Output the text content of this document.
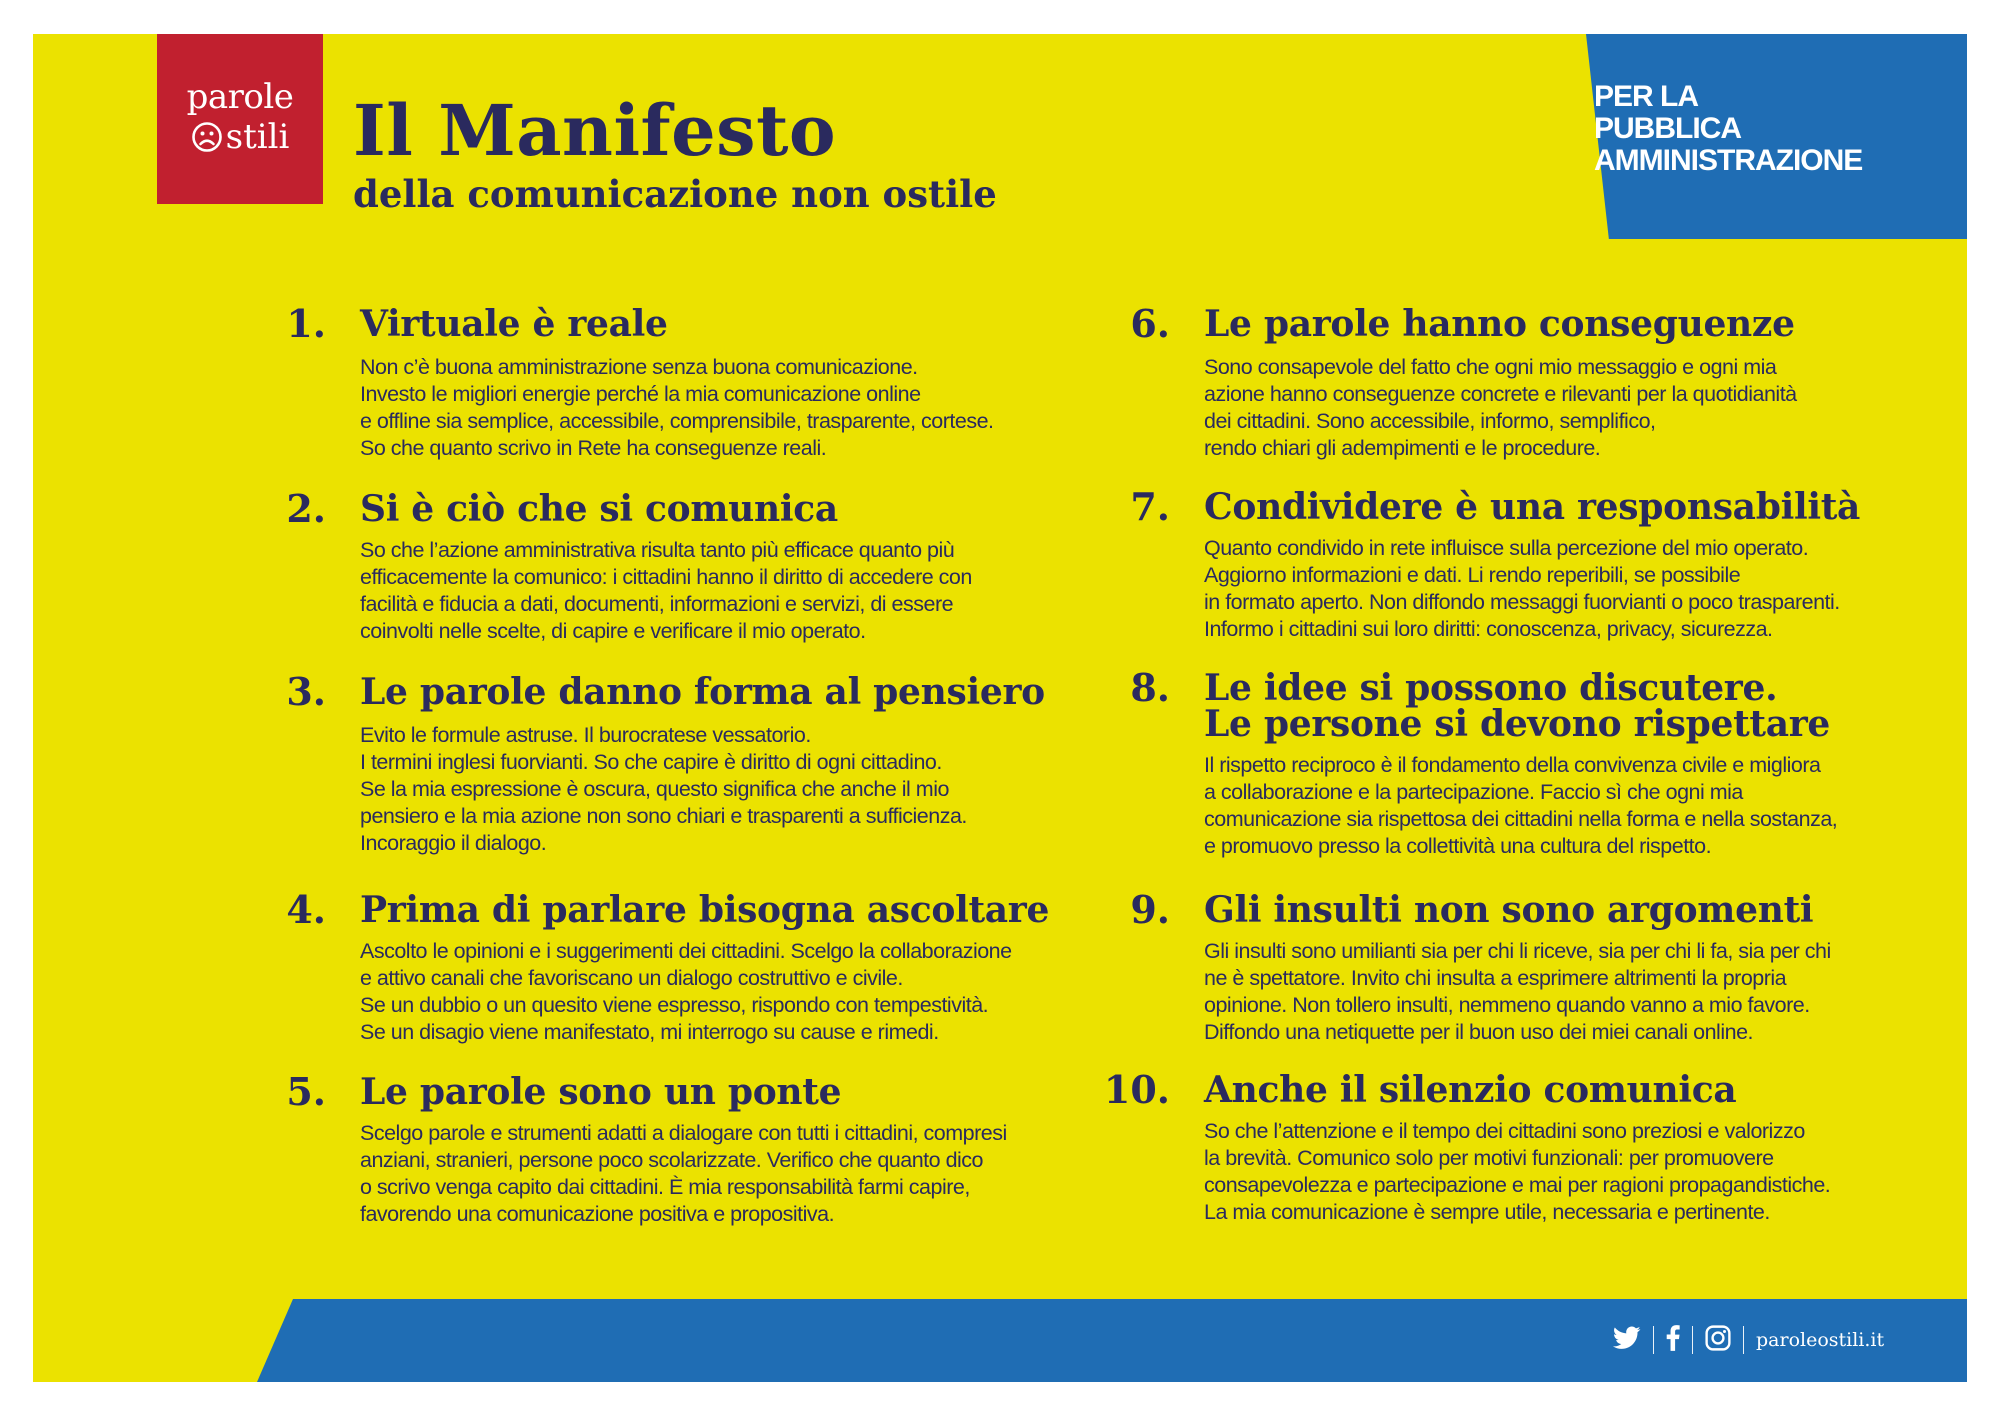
parole
stili Il Manifesto
della comunicazione non ostile
PER LA
PUBBLICA
AMMINISTRAZIONE
1. Virtuale è reale
Non c’è buona amministrazione senza buona comunicazione.
Investo le migliori energie perché la mia comunicazione online
e offline sia semplice, accessibile, comprensibile, trasparente, cortese.
So che quanto scrivo in Rete ha conseguenze reali.
2. Si è ciò che si comunica
So che l’azione amministrativa risulta tanto più efficace quanto più
efficacemente la comunico: i cittadini hanno il diritto di accedere con
facilità e fiducia a dati, documenti, informazioni e servizi, di essere
coinvolti nelle scelte, di capire e verificare il mio operato.
3. Le parole danno forma al pensiero
Evito le formule astruse. Il burocratese vessatorio.
I termini inglesi fuorvianti. So che capire è diritto di ogni cittadino.
Se la mia espressione è oscura, questo significa che anche il mio
pensiero e la mia azione non sono chiari e trasparenti a sufficienza.
Incoraggio il dialogo.
4. Prima di parlare bisogna ascoltare
Ascolto le opinioni e i suggerimenti dei cittadini. Scelgo la collaborazione
e attivo canali che favoriscano un dialogo costruttivo e civile.
Se un dubbio o un quesito viene espresso, rispondo con tempestività.
Se un disagio viene manifestato, mi interrogo su cause e rimedi.
5. Le parole sono un ponte
Scelgo parole e strumenti adatti a dialogare con tutti i cittadini, compresi
anziani, stranieri, persone poco scolarizzate. Verifico che quanto dico
o scrivo venga capito dai cittadini. È mia responsabilità farmi capire,
favorendo una comunicazione positiva e propositiva.
6. Le parole hanno conseguenze
Sono consapevole del fatto che ogni mio messaggio e ogni mia
azione hanno conseguenze concrete e rilevanti per la quotidianità
dei cittadini. Sono accessibile, informo, semplifico,
rendo chiari gli adempimenti e le procedure.
7. Condividere è una responsabilità
Quanto condivido in rete influisce sulla percezione del mio operato.
Aggiorno informazioni e dati. Li rendo reperibili, se possibile
in formato aperto. Non diffondo messaggi fuorvianti o poco trasparenti.
Informo i cittadini sui loro diritti: conoscenza, privacy, sicurezza.
8. Le idee si possono discutere.
Le persone si devono rispettare
Il rispetto reciproco è il fondamento della convivenza civile e migliora
a collaborazione e la partecipazione. Faccio sì che ogni mia
comunicazione sia rispettosa dei cittadini nella forma e nella sostanza,
e promuovo presso la collettività una cultura del rispetto.
9. Gli insulti non sono argomenti
Gli insulti sono umilianti sia per chi li riceve, sia per chi li fa, sia per chi
ne è spettatore. Invito chi insulta a esprimere altrimenti la propria
opinione. Non tollero insulti, nemmeno quando vanno a mio favore.
Diffondo una netiquette per il buon uso dei miei canali online.
10. Anche il silenzio comunica
So che l’attenzione e il tempo dei cittadini sono preziosi e valorizzo
la brevità. Comunico solo per motivi funzionali: per promuovere
consapevolezza e partecipazione e mai per ragioni propagandistiche.
La mia comunicazione è sempre utile, necessaria e pertinente.
paroleostili.it
